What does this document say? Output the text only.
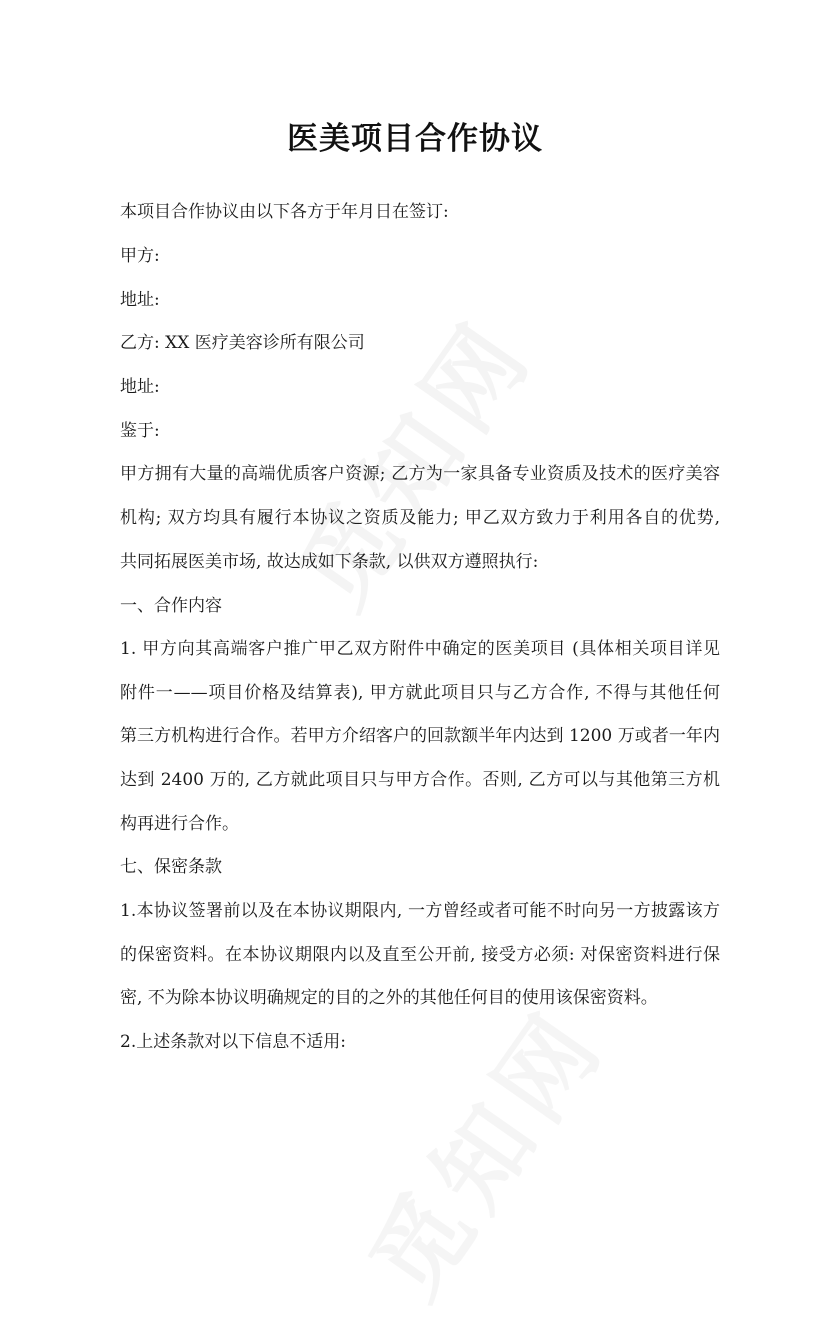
医美项目合作协议
本项目合作协议由以下各方于年月日在签订:
甲方:
地址:
乙方: XX 医疗美容诊所有限公司
地址:
鉴于:
甲方拥有大量的高端优质客户资源; 乙方为一家具备专业资质及技术的医疗美容
机构; 双方均具有履行本协议之资质及能力; 甲乙双方致力于利用各自的优势,
共同拓展医美市场, 故达成如下条款, 以供双方遵照执行:
一、合作内容
1. 甲方向其高端客户推广甲乙双方附件中确定的医美项目 (具体相关项目详见
附件一——项目价格及结算表), 甲方就此项目只与乙方合作, 不得与其他任何
第三方机构进行合作。若甲方介绍客户的回款额半年内达到 1200 万或者一年内
达到 2400 万的, 乙方就此项目只与甲方合作。否则, 乙方可以与其他第三方机
构再进行合作。
七、保密条款
1.本协议签署前以及在本协议期限内, 一方曾经或者可能不时向另一方披露该方
的保密资料。在本协议期限内以及直至公开前, 接受方必须: 对保密资料进行保
密, 不为除本协议明确规定的目的之外的其他任何目的使用该保密资料。
2.上述条款对以下信息不适用:
